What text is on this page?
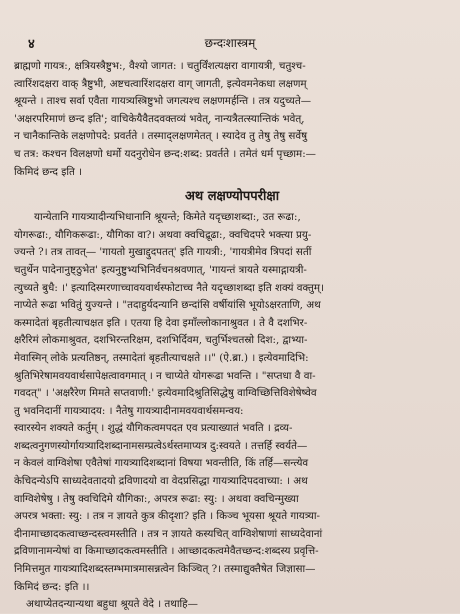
४	छन्दःशास्त्रम्
ब्राह्मणो गायत्र:, क्षत्रियस्त्रैष्टुभ:, वैश्यो जागत: । चतुर्विंशत्यक्षरा वागायत्री, चतुश्च-
त्वारिंशदक्षरा वाक् त्रैष्टुभी, अष्टचत्वारिंशदक्षरा वाग् जागती, इत्येवमनेकधा लक्षणम्
श्रूयन्ते । ताश्च सर्वा एवैता गायत्र्यस्त्रिष्टुभो जगत्यश्च लक्षणमर्हन्ति । तत्र यदुच्यते—
'अक्षरपरिमाणं छन्द इति'; वाचिकेयैवैतदवक्तव्यं भवेत्, नान्यत्रैतत्स्यान्तिकं भवेत्,
न चानैकान्तिके लक्षणोपदे: प्रवर्तते । तस्माद्लक्षणमेतत् । स्यादेव तु तेषु तेषु सर्वेषु
च तत्र: कश्चन विलक्षणो धर्मो यदनुरोधेन छन्द:शब्द: प्रवर्तते । तमेतं धर्म पृच्छाम:—
किमिदं छन्द इति ।
अथ लक्षण्योपपरीक्षा
यान्येतानि गायत्र्यादीन्यभिधानानि श्रूयन्ते; किमेते यदृच्छाशब्दा:, उत रूढा:,
योगरूढा:, यौगिकरूढा:, यौगिका वा?। अथवा क्वचिद्रूढा:, क्वचिदपरे भक्त्या प्रयु-
ज्यन्ते ?। तत्र तावत्— 'गायतो मुखाद्दुदपतत्' इति गायत्री:, 'गायत्रीमेव त्रिपदां सतीं
चतुर्थेन पादेनानुष्ट्ठुभेत' इत्यनुष्टुभ्यभिनिर्वचनश्रवणात्, 'गायन्तं त्रायते यस्माद्गायत्री-
त्युच्यते बुधै: ।' इत्यादिस्मरणाच्चावयवार्थस्फोटाच्च नैते यदृच्छाशब्दा इति शक्यं वक्तुम्।
नाप्येते रूढा भवितुं युज्यन्ते । "तदाहुर्यदन्यानि छन्दांसि वर्षीयांसि भूयोऽक्षरताणि, अथ
कस्मादेतां बृहतीत्याचक्षत इति । एतया हि देवा इमाँल्लोकानाश्रुवत । ते वै दशभिर-
क्षरैरिमं लोकमाश्रुवत, दशभिरन्तरिक्षम, दशभिर्दिवम, चतुर्भिश्चतस्रो दिश:, द्वाभ्या-
मेवास्मिन् लोके प्रत्यतिष्ठन्, तस्मादेतां बृहतीत्याचक्षते ।।" (ऐ.ब्रा.) । इत्येवमादिभि:
श्रुतिभिरेषामवयवार्थसापेक्षत्वावगमात् । न चाप्येते योगरूढा भवन्ति । "सप्तधा वै वा-
गवदत्" । 'अक्षरैरेण मिमते सप्तवाणी:' इत्येवमादिश्रुतिसिद्धेषु वाग्विच्छित्तिविशेषेष्वेव
तु भवनिदानीं गायत्र्यादय: । नैतेषु गायत्र्यादीनामवयवार्थसमन्वय:
स्वारस्येन शक्यते कर्तुम् । शुद्धं यौगिकत्वमपदत एव प्रत्याख्यातं भवति । द्रव्य-
शब्दत्वनुगणस्योर्गायत्र्यादिशब्दानामसम्प्रत्वेऽर्थस्तमाप्यत्र दु:स्वयते । तत्तर्हि स्वर्यते—
न केवलं वाग्विशेषा एवैतेषां गायत्र्यादिशब्दानां विषया भवन्तीति, किं तर्हि—सन्त्येव
केचिदन्येऽपि साध्यदेवतादयो द्रविणादयो वा वेदप्रसिद्धा गायत्र्यादिपदवाच्या: । अथ
वाग्विशेषेषु । तेषु क्वचिदिमे यौगिका:, अपरत्र रूढा: स्यु: । अथवा क्वचिन्मुख्या
अपरत्र भक्ता: स्यु: । तत्र न ज्ञायते कुत्र कीदृशा? इति । किञ्च भूयसा श्रूयते गायत्र्या-
दीनामाच्छादकत्वाच्छन्दस्त्वमस्तीति । तत्र न ज्ञायते कस्यचित् वाग्विशेषाणां साध्यदेवानां
द्रविणानामन्येषां वा किमाच्छादकत्वमस्तीति । आच्छादकत्वमेवैतच्छन्द:शब्दस्य प्रवृत्ति-
निमित्तमुत गायत्र्यादिशब्दस्तम्भमात्रमासन्नत्वेन किञ्चित् ?। तस्माद्युक्तैषेत जिज्ञासा—
किमिदं छन्द: इति ।।
अथाप्येतदन्यान्यथा बहुधा श्रूयते वेदे । तथाहि—
